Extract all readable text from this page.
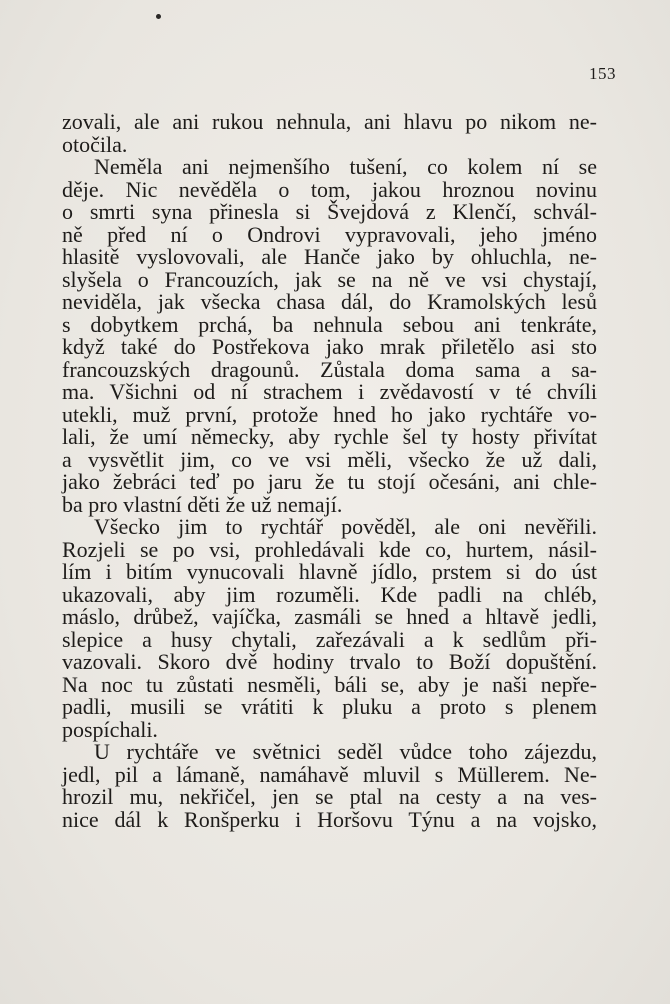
153
zovali, ale ani rukou nehnula, ani hlavu po nikom ne-
otočila.
Neměla ani nejmenšího tušení, co kolem ní se
děje. Nic nevěděla o tom, jakou hroznou novinu
o smrti syna přinesla si Švejdová z Klenčí, schvál-
ně před ní o Ondrovi vypravovali, jeho jméno
hlasitě vyslovovali, ale Hanče jako by ohluchla, ne-
slyšela o Francouzích, jak se na ně ve vsi chystají,
neviděla, jak všecka chasa dál, do Kramolských lesů
s dobytkem prchá, ba nehnula sebou ani tenkráte,
když také do Postřekova jako mrak přiletělo asi sto
francouzských dragounů. Zůstala doma sama a sa-
ma. Všichni od ní strachem i zvědavostí v té chvíli
utekli, muž první, protože hned ho jako rychtáře vo-
lali, že umí německy, aby rychle šel ty hosty přivítat
a vysvětlit jim, co ve vsi měli, všecko že už dali,
jako žebráci teď po jaru že tu stojí očesáni, ani chle-
ba pro vlastní děti že už nemají.
Všecko jim to rychtář pověděl, ale oni nevěřili.
Rozjeli se po vsi, prohledávali kde co, hurtem, násil-
lím i bitím vynucovali hlavně jídlo, prstem si do úst
ukazovali, aby jim rozuměli. Kde padli na chléb,
máslo, drůbež, vajíčka, zasmáli se hned a hltavě jedli,
slepice a husy chytali, zařezávali a k sedlům při-
vazovali. Skoro dvě hodiny trvalo to Boží dopuštění.
Na noc tu zůstati nesměli, báli se, aby je naši nepře-
padli, musili se vrátiti k pluku a proto s plenem
pospíchali.
U rychtáře ve světnici seděl vůdce toho zájezdu,
jedl, pil a lámaně, namáhavě mluvil s Müllerem. Ne-
hrozil mu, nekřičel, jen se ptal na cesty a na ves-
nice dál k Ronšperku i Horšovu Týnu a na vojsko,
